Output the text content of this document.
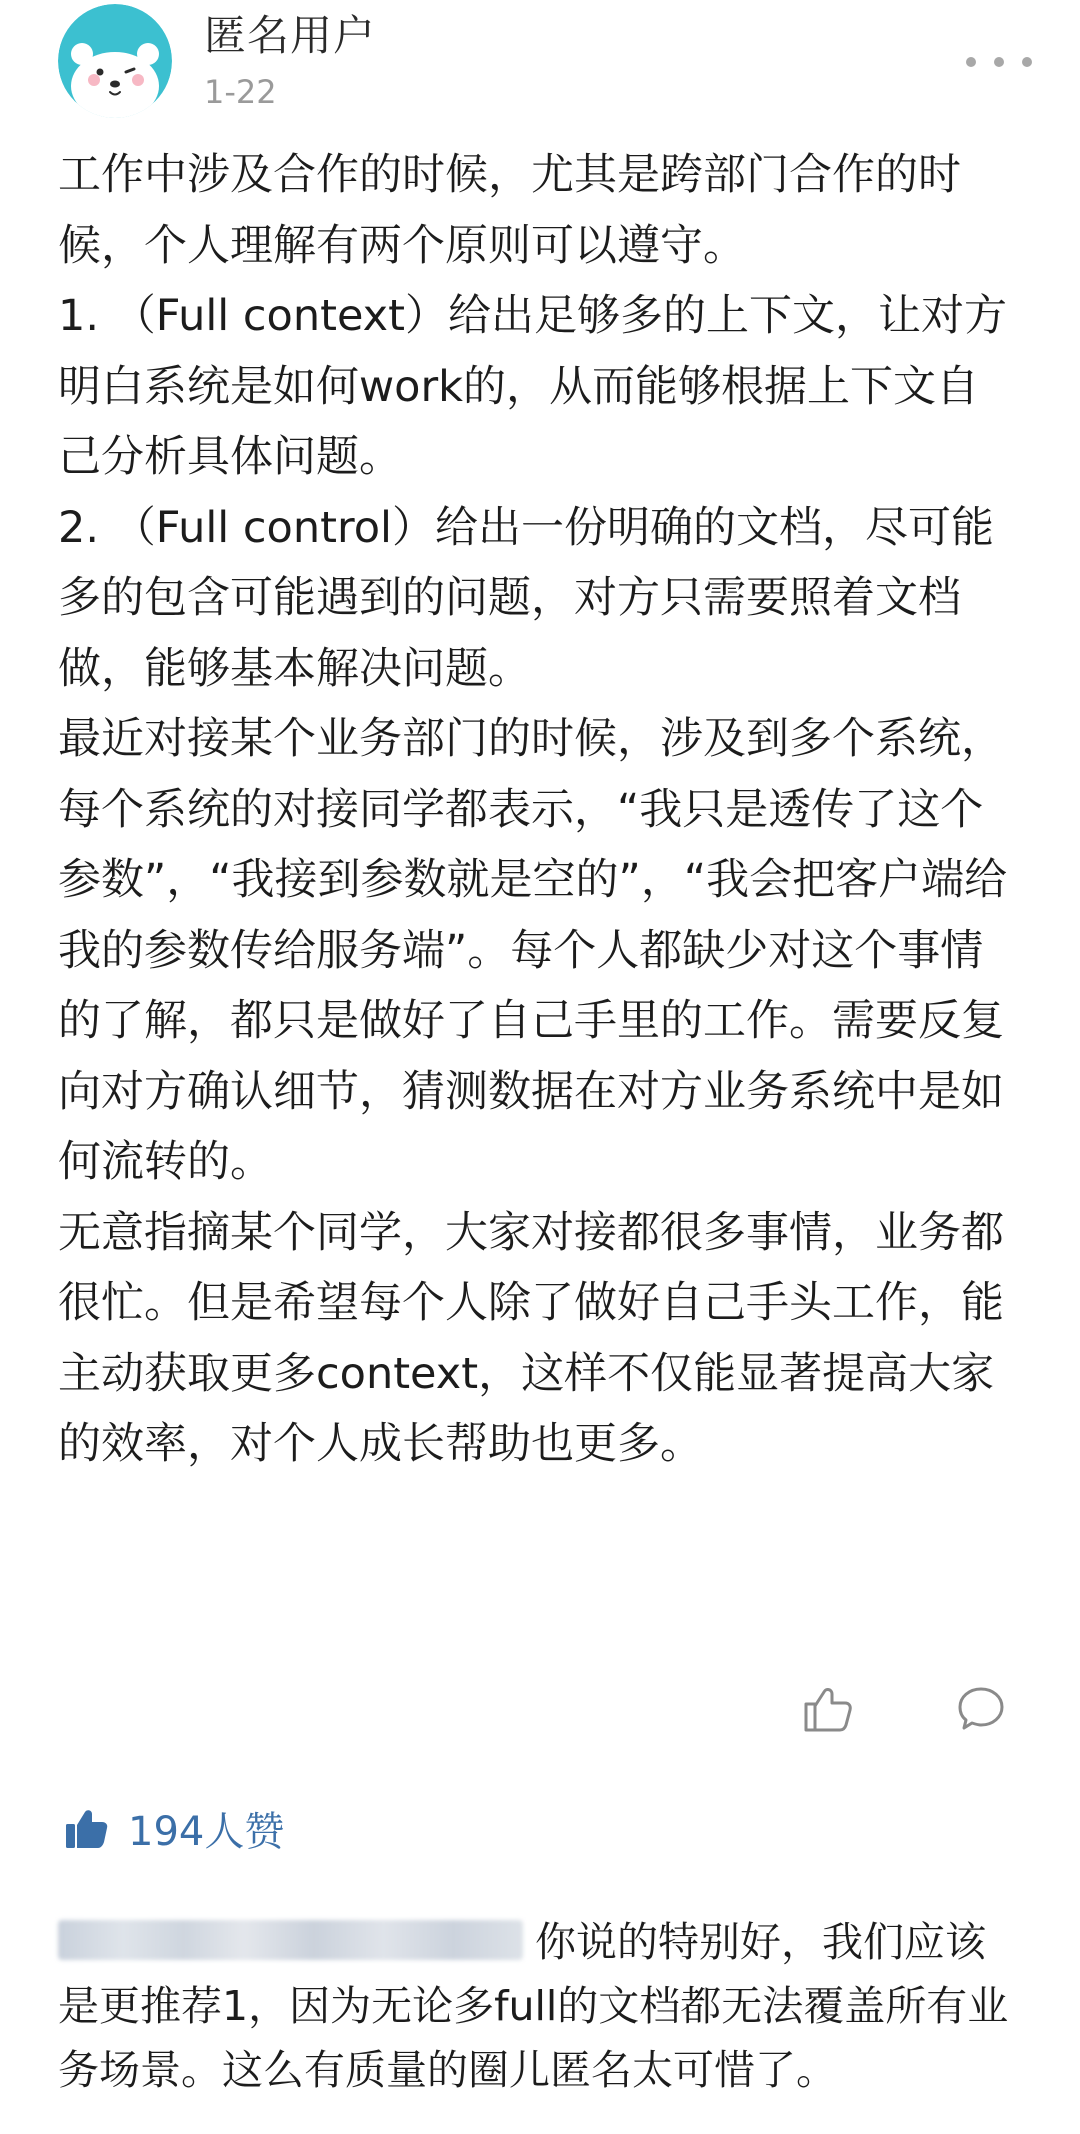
匿名用户
1-22

工作中涉及合作的时候，尤其是跨部门合作的时候，个人理解有两个原则可以遵守。

1. （Full context）给出足够多的上下文，让对方明白系统是如何work的，从而能够根据上下文自己分析具体问题。

2. （Full control）给出一份明确的文档，尽可能多的包含可能遇到的问题，对方只需要照着文档做，能够基本解决问题。

最近对接某个业务部门的时候，涉及到多个系统，每个系统的对接同学都表示，“我只是透传了这个参数”，“我接到参数就是空的”，“我会把客户端给我的参数传给服务端”。每个人都缺少对这个事情的了解，都只是做好了自己手里的工作。需要反复向对方确认细节，猜测数据在对方业务系统中是如何流转的。

无意指摘某个同学，大家对接都很多事情，业务都很忙。但是希望每个人除了做好自己手头工作，能主动获取更多context，这样不仅能显著提高大家的效率，对个人成长帮助也更多。

194人赞

你说的特别好，我们应该是更推荐1，因为无论多full的文档都无法覆盖所有业务场景。这么有质量的圈儿匿名太可惜了。
